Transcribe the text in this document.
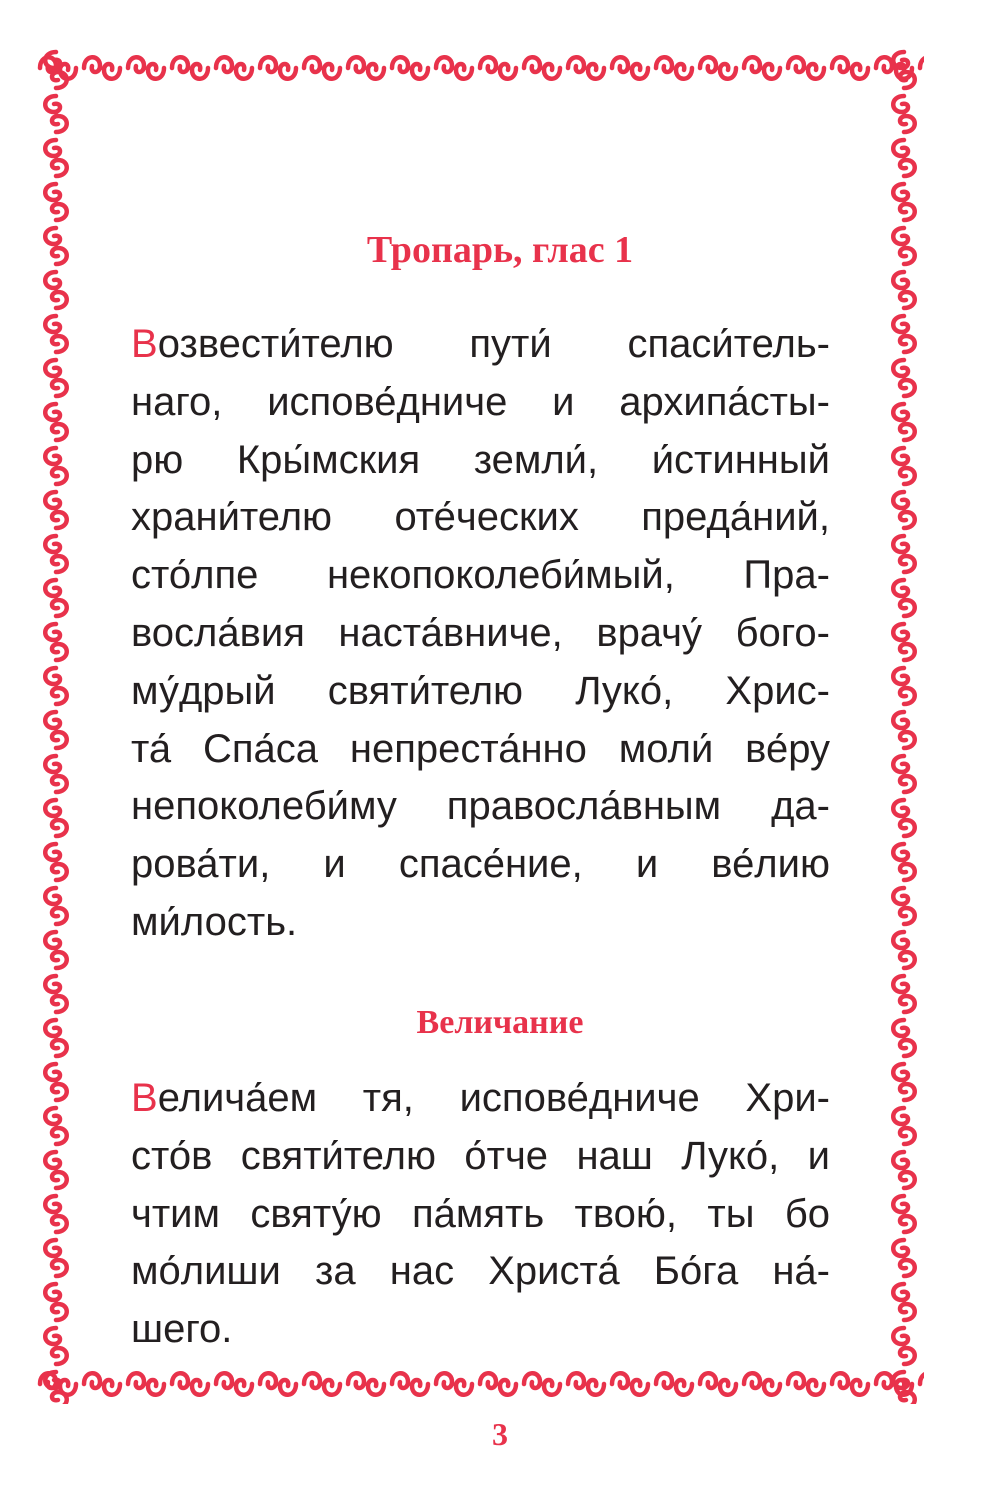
Тропарь, глас 1

Возвести́телю пути́ спаси́тель-
наго, испове́дниче и архипа́сты-
рю Кры́мския земли́, и́стинный
храни́телю оте́ческих преда́ний,
сто́лпе некопоколеби́мый, Пра-
восла́вия наста́вниче, врачу́ бого-
му́дрый святи́телю Луко́, Хрис-
та́ Спа́са непреста́нно моли́ ве́ру
непоколеби́му правосла́вным да-
рова́ти, и спасе́ние, и ве́лию
ми́лость.

Величание

Велича́ем тя, испове́дниче Хри-
сто́в святи́телю о́тче наш Луко́, и
чтим святу́ю па́мять твою́, ты бо
мо́лиши за нас Христа́ Бо́га на́-
шего.

3
